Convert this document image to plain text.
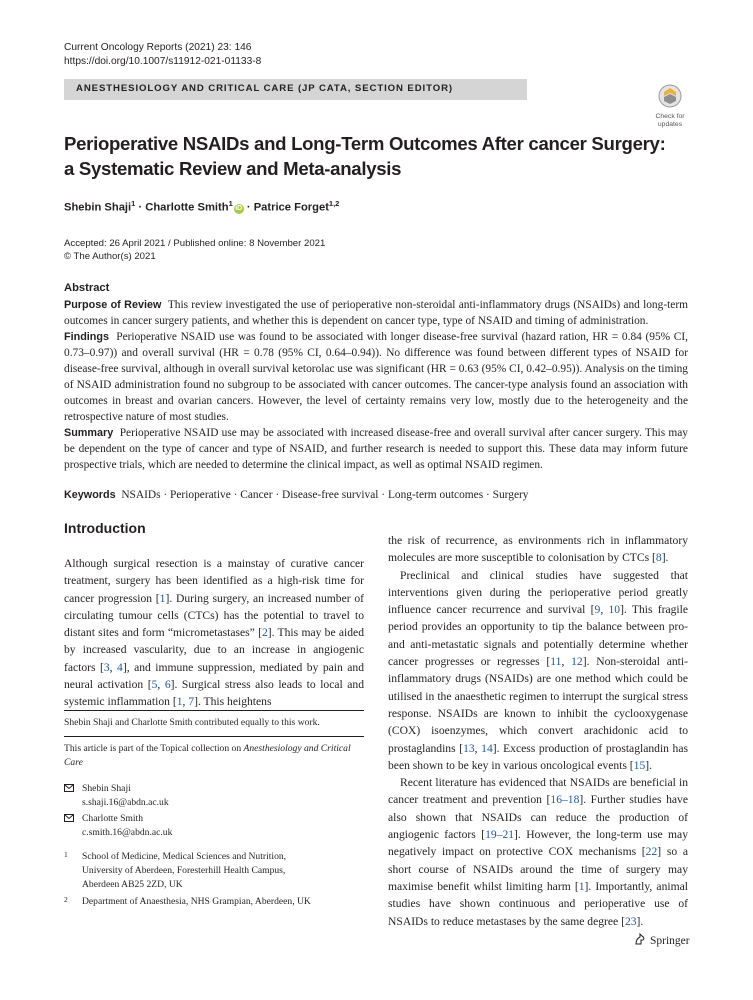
Current Oncology Reports (2021) 23: 146
https://doi.org/10.1007/s11912-021-01133-8
ANESTHESIOLOGY AND CRITICAL CARE (JP CATA, SECTION EDITOR)
Check for
updates
Perioperative NSAIDs and Long-Term Outcomes After cancer Surgery:
a Systematic Review and Meta-analysis
Shebin Shaji$^1$ · Charlotte Smith$^1$iD · Patrice Forget$^{1,2}$
Accepted: 26 April 2021 / Published online: 8 November 2021
© The Author(s) 2021
Abstract

Purpose of Review This review investigated the use of perioperative non-steroidal anti-inflammatory drugs (NSAIDs) and long-term outcomes in cancer surgery patients, and whether this is dependent on cancer type, type of NSAID and timing of administration.

Findings Perioperative NSAID use was found to be associated with longer disease-free survival (hazard ration, HR = 0.84 (95% CI, 0.73–0.97)) and overall survival (HR = 0.78 (95% CI, 0.64–0.94)). No difference was found between different types of NSAID for disease-free survival, although in overall survival ketorolac use was significant (HR = 0.63 (95% CI, 0.42–0.95)). Analysis on the timing of NSAID administration found no subgroup to be associated with cancer outcomes. The cancer-type analysis found an association with outcomes in breast and ovarian cancers. However, the level of certainty remains very low, mostly due to the heterogeneity and the retrospective nature of most studies.

Summary Perioperative NSAID use may be associated with increased disease-free and overall survival after cancer surgery. This may be dependent on the type of cancer and type of NSAID, and further research is needed to support this. These data may inform future prospective trials, which are needed to determine the clinical impact, as well as optimal NSAID regimen.

Keywords NSAIDs · Perioperative · Cancer · Disease-free survival · Long-term outcomes · Surgery
Introduction

Although surgical resection is a mainstay of curative cancer treatment, surgery has been identified as a high-risk time for cancer progression [1]. During surgery, an increased number of circulating tumour cells (CTCs) has the potential to travel to distant sites and form “micrometastases” [2]. This may be aided by increased vascularity, due to an increase in angiogenic factors [3, 4], and immune suppression, mediated by pain and neural activation [5, 6]. Surgical stress also leads to local and systemic inflammation [1, 7]. This heightens

Shebin Shaji and Charlotte Smith contributed equally to this work.
This article is part of the Topical collection on Anesthesiology and Critical Care
Shebin Shaji
s.shaji.16@abdn.ac.uk
Charlotte Smith
c.smith.16@abdn.ac.uk
1 School of Medicine, Medical Sciences and Nutrition,
University of Aberdeen, Foresterhill Health Campus,
Aberdeen AB25 2ZD, UK
2 Department of Anaesthesia, NHS Grampian, Aberdeen, UK

the risk of recurrence, as environments rich in inflammatory molecules are more susceptible to colonisation by CTCs [8].

Preclinical and clinical studies have suggested that interventions given during the perioperative period greatly influence cancer recurrence and survival [9, 10]. This fragile period provides an opportunity to tip the balance between pro- and anti-metastatic signals and potentially determine whether cancer progresses or regresses [11, 12]. Non-steroidal anti-inflammatory drugs (NSAIDs) are one method which could be utilised in the anaesthetic regimen to interrupt the surgical stress response. NSAIDs are known to inhibit the cyclooxygenase (COX) isoenzymes, which convert arachidonic acid to prostaglandins [13, 14]. Excess production of prostaglandin has been shown to be key in various oncological events [15].

Recent literature has evidenced that NSAIDs are beneficial in cancer treatment and prevention [16–18]. Further studies have also shown that NSAIDs can reduce the production of angiogenic factors [19–21]. However, the long-term use may negatively impact on protective COX mechanisms [22] so a short course of NSAIDs around the time of surgery may maximise benefit whilst limiting harm [1]. Importantly, animal studies have shown continuous and perioperative use of NSAIDs to reduce metastases by the same degree [23].

Springer
